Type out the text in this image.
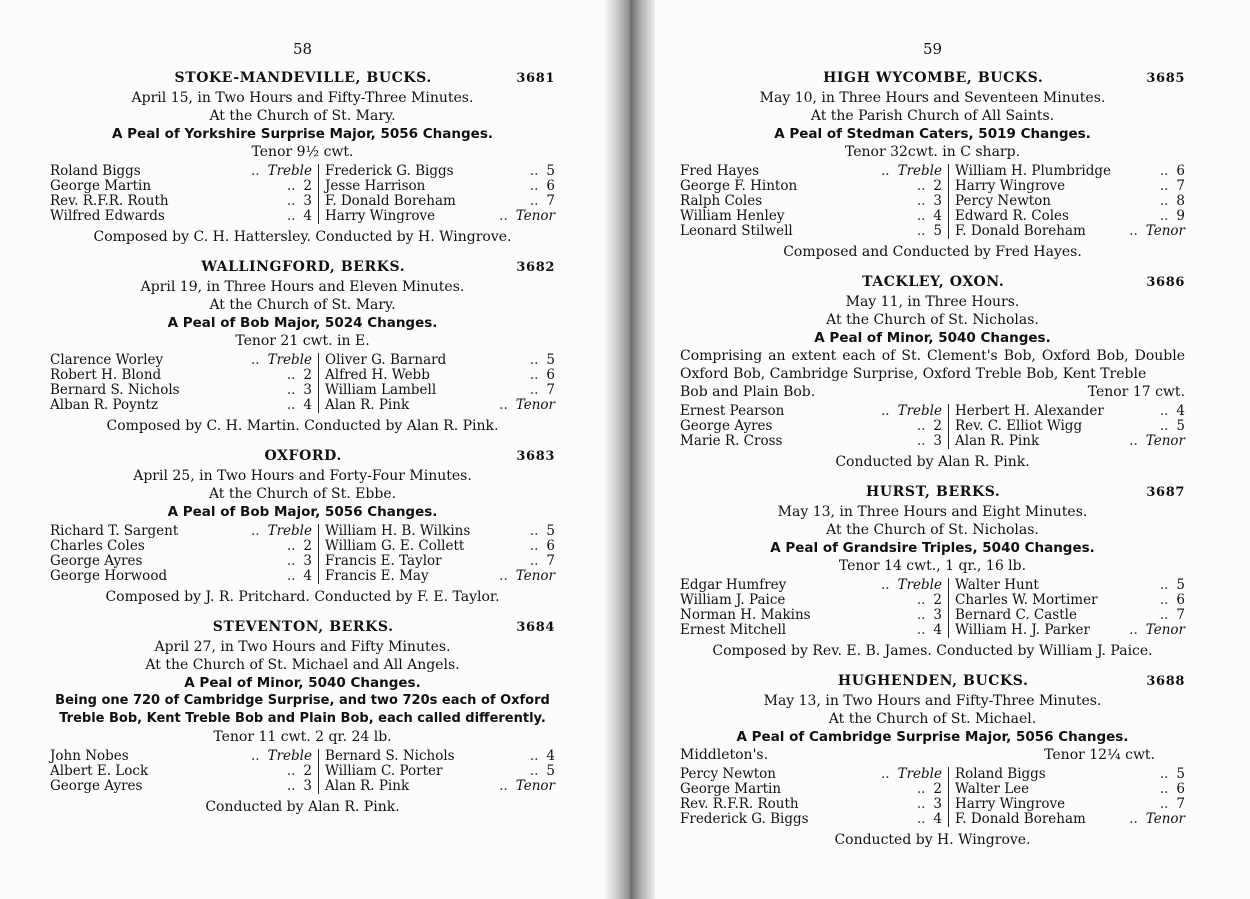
58
STOKE-MANDEVILLE, BUCKS.	3681
April 15, in Two Hours and Fifty-Three Minutes.
At the Church of St. Mary.
A Peal of Yorkshire Surprise Major, 5056 Changes.
Tenor 9½ cwt.
Roland Biggs	.. Treble
George Martin	.. 2
Rev. R.F.R. Routh	.. 3
Wilfred Edwards	.. 4
Frederick G. Biggs	.. 5
Jesse Harrison	.. 6
F. Donald Boreham	.. 7
Harry Wingrove	.. Tenor
Composed by C. H. Hattersley. Conducted by H. Wingrove.
WALLINGFORD, BERKS.	3682
April 19, in Three Hours and Eleven Minutes.
At the Church of St. Mary.
A Peal of Bob Major, 5024 Changes.
Tenor 21 cwt. in E.
Clarence Worley	.. Treble
Robert H. Blond	.. 2
Bernard S. Nichols	.. 3
Alban R. Poyntz	.. 4
Oliver G. Barnard	.. 5
Alfred H. Webb	.. 6
William Lambell	.. 7
Alan R. Pink	.. Tenor
Composed by C. H. Martin. Conducted by Alan R. Pink.
OXFORD.	3683
April 25, in Two Hours and Forty-Four Minutes.
At the Church of St. Ebbe.
A Peal of Bob Major, 5056 Changes.
Richard T. Sargent	.. Treble
Charles Coles	.. 2
George Ayres	.. 3
George Horwood	.. 4
William H. B. Wilkins	.. 5
William G. E. Collett	.. 6
Francis E. Taylor	.. 7
Francis E. May	.. Tenor
Composed by J. R. Pritchard. Conducted by F. E. Taylor.
STEVENTON, BERKS.	3684
April 27, in Two Hours and Fifty Minutes.
At the Church of St. Michael and All Angels.
A Peal of Minor, 5040 Changes.
Being one 720 of Cambridge Surprise, and two 720s each of Oxford Treble Bob, Kent Treble Bob and Plain Bob, each called differently.
Tenor 11 cwt. 2 qr. 24 lb.
John Nobes	.. Treble
Albert E. Lock	.. 2
George Ayres	.. 3
Bernard S. Nichols	.. 4
William C. Porter	.. 5
Alan R. Pink	.. Tenor
Conducted by Alan R. Pink.
59
HIGH WYCOMBE, BUCKS.	3685
May 10, in Three Hours and Seventeen Minutes.
At the Parish Church of All Saints.
A Peal of Stedman Caters, 5019 Changes.
Tenor 32cwt. in C sharp.
Fred Hayes	.. Treble
George F. Hinton	.. 2
Ralph Coles	.. 3
William Henley	.. 4
Leonard Stilwell	.. 5
William H. Plumbridge	.. 6
Harry Wingrove	.. 7
Percy Newton	.. 8
Edward R. Coles	.. 9
F. Donald Boreham	.. Tenor
Composed and Conducted by Fred Hayes.
TACKLEY, OXON.	3686
May 11, in Three Hours.
At the Church of St. Nicholas.
A Peal of Minor, 5040 Changes.
Comprising an extent each of St. Clement's Bob, Oxford Bob, Double Oxford Bob, Cambridge Surprise, Oxford Treble Bob, Kent Treble
Bob and Plain Bob.	Tenor 17 cwt.
Ernest Pearson	.. Treble
George Ayres	.. 2
Marie R. Cross	.. 3
Herbert H. Alexander	.. 4
Rev. C. Elliot Wigg	.. 5
Alan R. Pink	.. Tenor
Conducted by Alan R. Pink.
HURST, BERKS.	3687
May 13, in Three Hours and Eight Minutes.
At the Church of St. Nicholas.
A Peal of Grandsire Triples, 5040 Changes.
Tenor 14 cwt., 1 qr., 16 lb.
Edgar Humfrey	.. Treble
William J. Paice	.. 2
Norman H. Makins	.. 3
Ernest Mitchell	.. 4
Walter Hunt	.. 5
Charles W. Mortimer	.. 6
Bernard C. Castle	.. 7
William H. J. Parker	.. Tenor
Composed by Rev. E. B. James. Conducted by William J. Paice.
HUGHENDEN, BUCKS.	3688
May 13, in Two Hours and Fifty-Three Minutes.
At the Church of St. Michael.
A Peal of Cambridge Surprise Major, 5056 Changes.
Middleton's.	Tenor 12¼ cwt.
Percy Newton	.. Treble
George Martin	.. 2
Rev. R.F.R. Routh	.. 3
Frederick G. Biggs	.. 4
Roland Biggs	.. 5
Walter Lee	.. 6
Harry Wingrove	.. 7
F. Donald Boreham	.. Tenor
Conducted by H. Wingrove.
